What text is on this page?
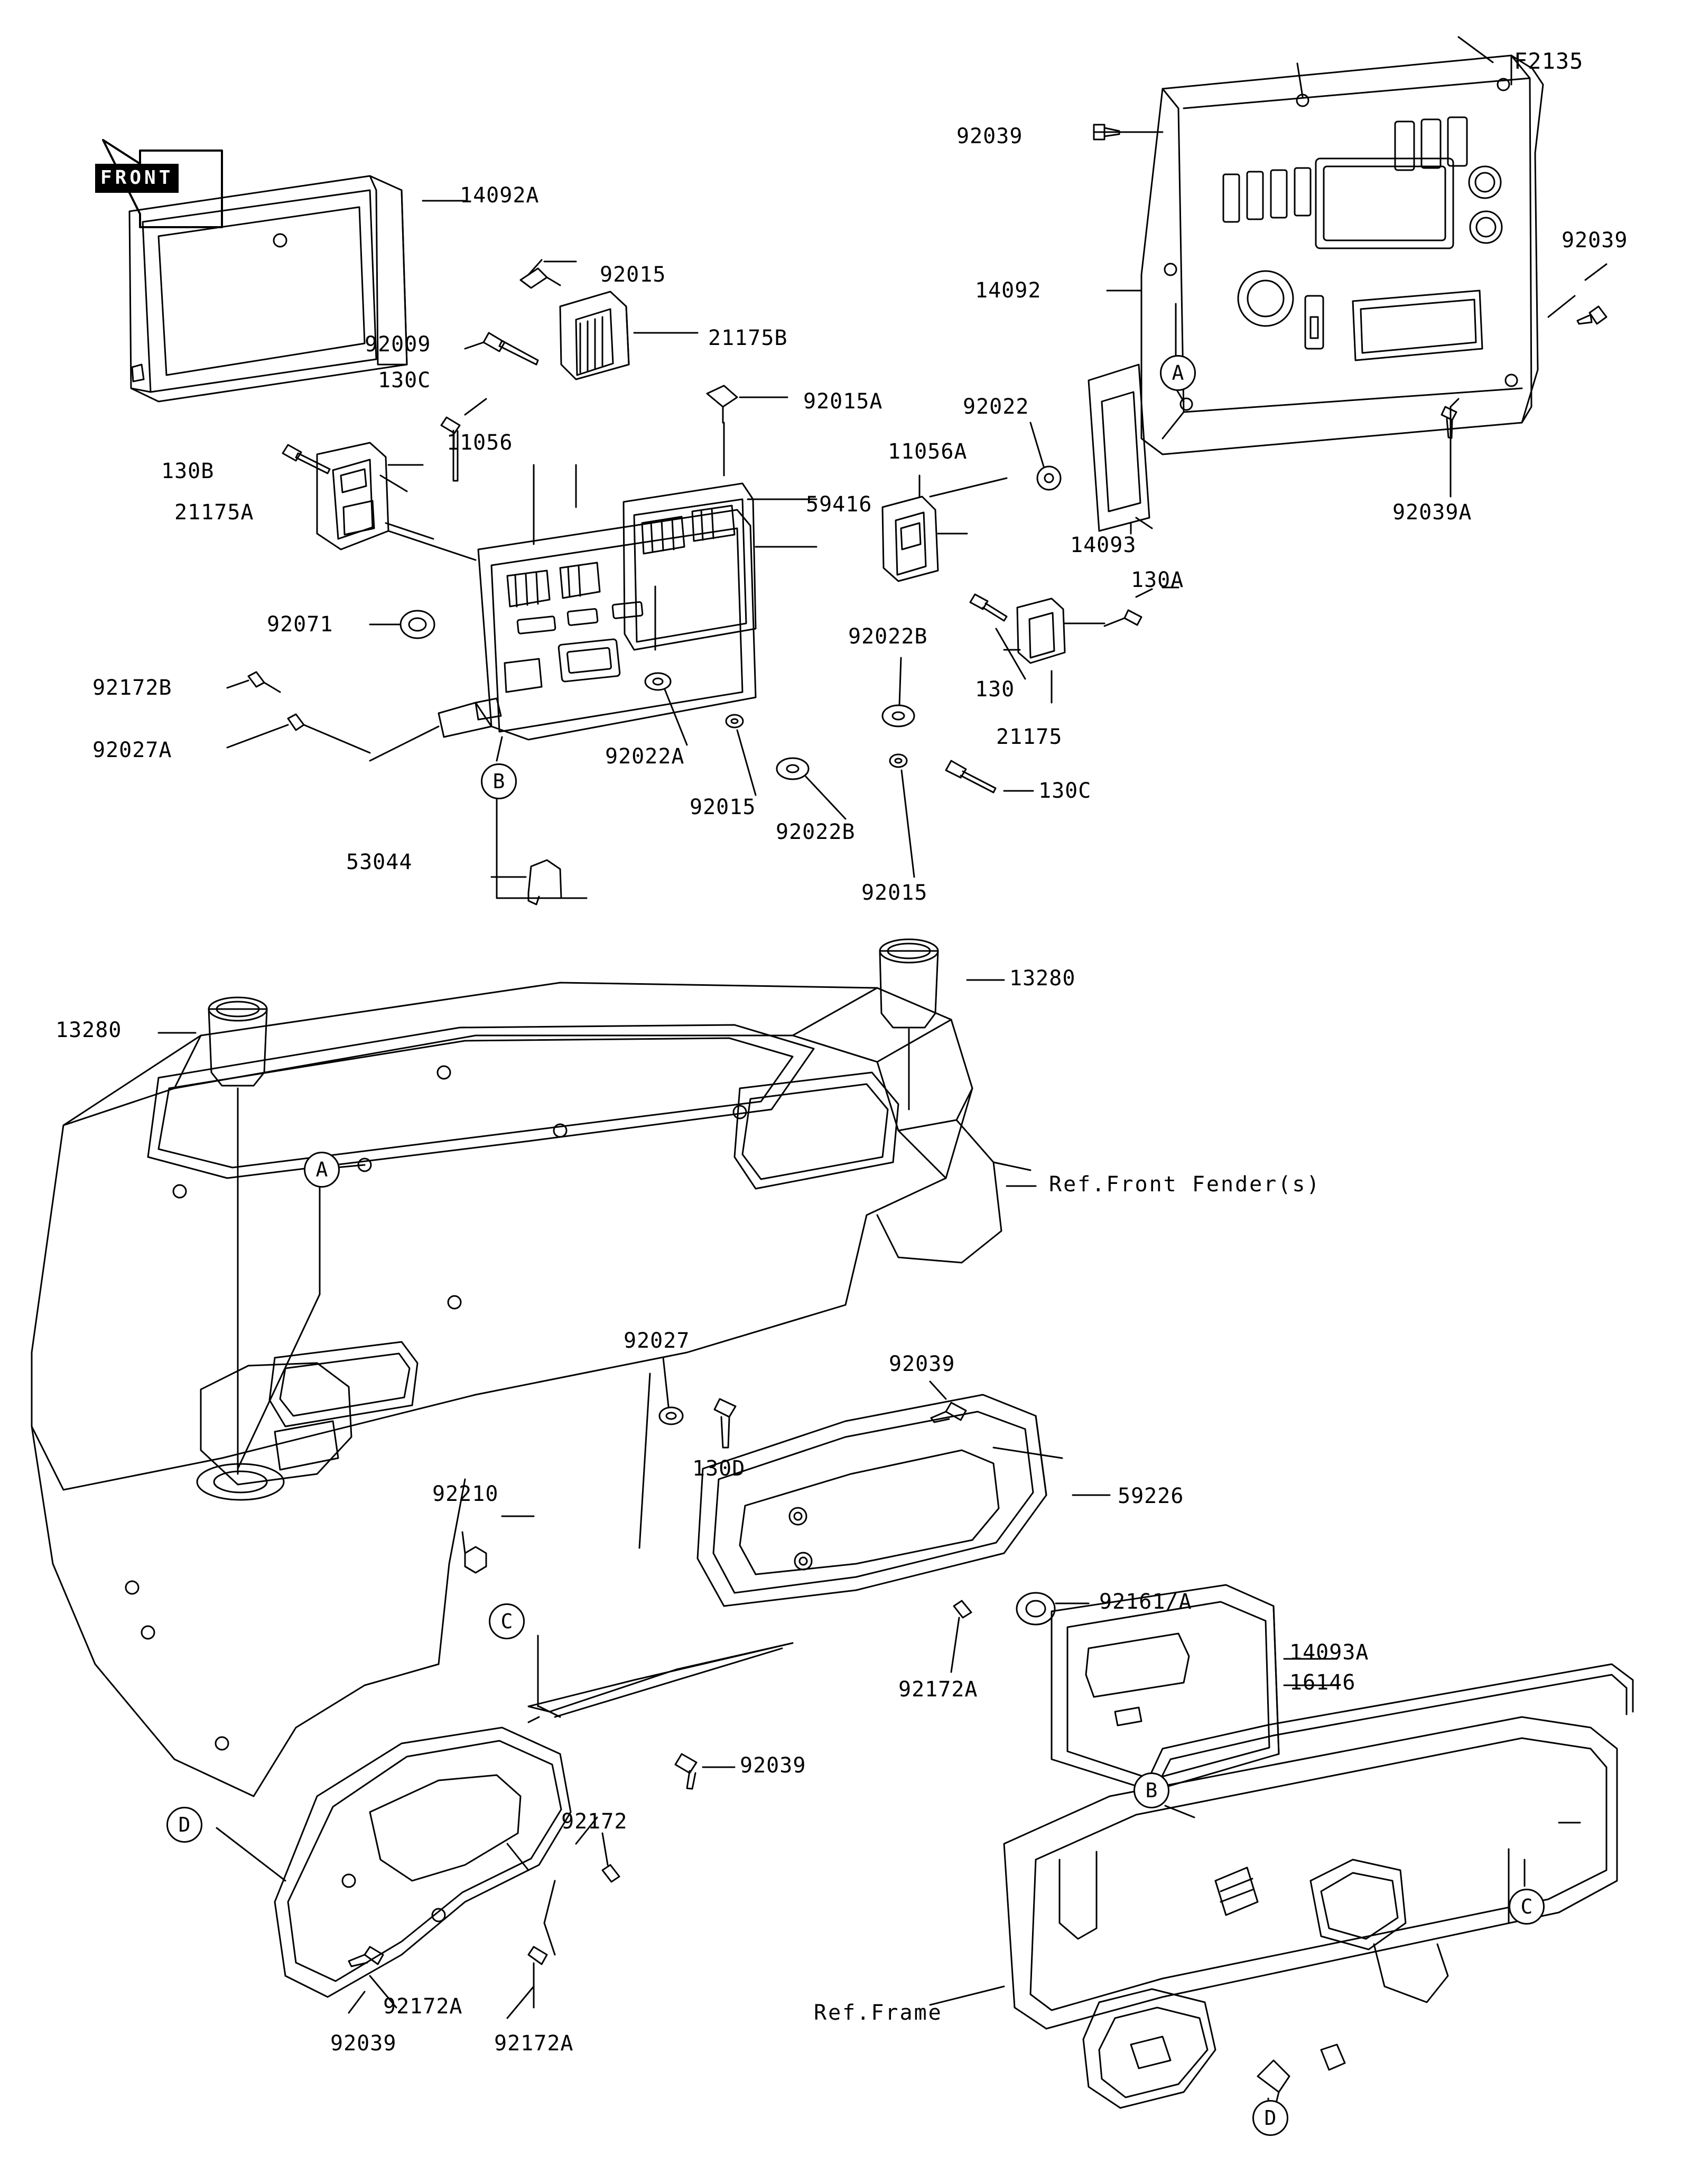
FRONT
F2135
14092A
92015
21175B
92009
130C
11056
130B
21175A
92015A
59416
11056A
92071
92172B
92027A	92022A
92015
92022B
92022B
130
21175
130A
130C
92015
53044
92022
14093
92039
14092
92039
92039A
13280
13280
Ref.Front Fender(s)
92027
92039
130D
59226
92210
92161/A
14093A
16146
92172A
92039
92172
92172A
92039	92172A
Ref.Frame
A
B
A
C
D
B
C
D
